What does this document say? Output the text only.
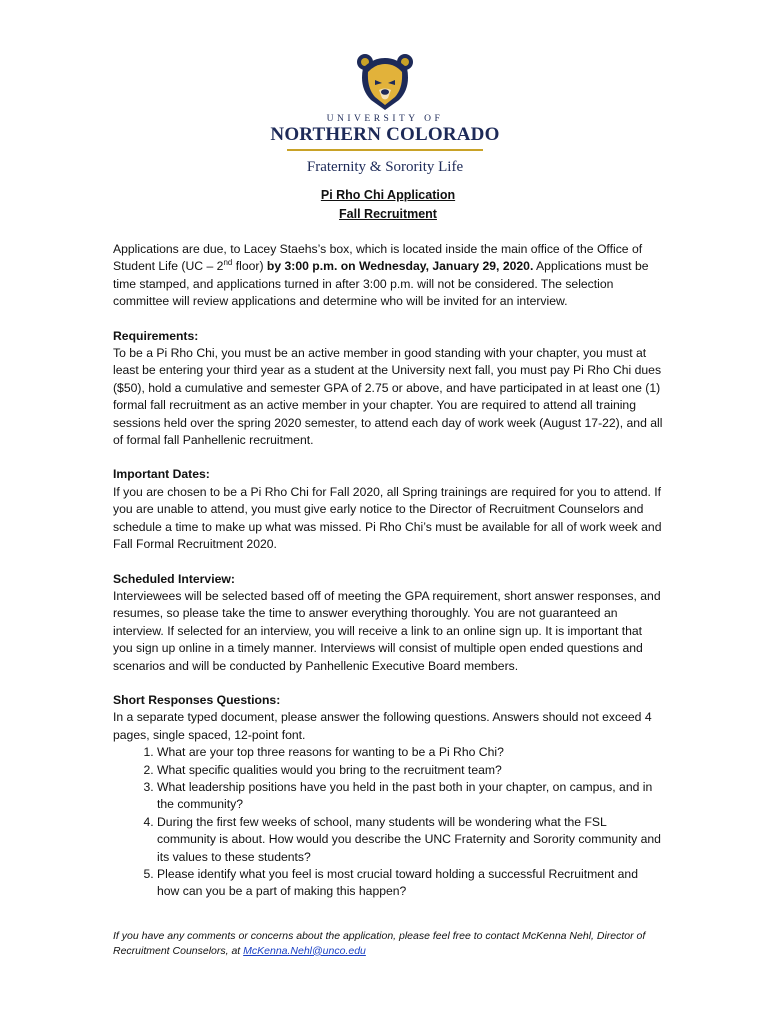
UNIVERSITY OF
NORTHERN COLORADO
Fraternity & Sorority Life
Pi Rho Chi Application
Fall Recruitment

Applications are due, to Lacey Staehs’s box, which is located inside the main office of the Office of Student Life (UC – 2nd floor) by 3:00 p.m. on Wednesday, January 29, 2020. Applications must be time stamped, and applications turned in after 3:00 p.m. will not be considered. The selection committee will review applications and determine who will be invited for an interview.

Requirements:

To be a Pi Rho Chi, you must be an active member in good standing with your chapter, you must at least be entering your third year as a student at the University next fall, you must pay Pi Rho Chi dues ($50), hold a cumulative and semester GPA of 2.75 or above, and have participated in at least one (1) formal fall recruitment as an active member in your chapter. You are required to attend all training sessions held over the spring 2020 semester, to attend each day of work week (August 17-22), and all of formal fall Panhellenic recruitment.

Important Dates:

If you are chosen to be a Pi Rho Chi for Fall 2020, all Spring trainings are required for you to attend. If you are unable to attend, you must give early notice to the Director of Recruitment Counselors and schedule a time to make up what was missed. Pi Rho Chi’s must be available for all of work week and Fall Formal Recruitment 2020.

Scheduled Interview:

Interviewees will be selected based off of meeting the GPA requirement, short answer responses, and resumes, so please take the time to answer everything thoroughly. You are not guaranteed an interview. If selected for an interview, you will receive a link to an online sign up. It is important that you sign up online in a timely manner. Interviews will consist of multiple open ended questions and scenarios and will be conducted by Panhellenic Executive Board members.

Short Responses Questions:

In a separate typed document, please answer the following questions. Answers should not exceed 4 pages, single spaced, 12-point font.

1. What are your top three reasons for wanting to be a Pi Rho Chi?
2. What specific qualities would you bring to the recruitment team?
3. What leadership positions have you held in the past both in your chapter, on campus, and in the community?
4. During the first few weeks of school, many students will be wondering what the FSL community is about. How would you describe the UNC Fraternity and Sorority community and its values to these students?
5. Please identify what you feel is most crucial toward holding a successful Recruitment and how can you be a part of making this happen?
If you have any comments or concerns about the application, please feel free to contact McKenna Nehl, Director of Recruitment Counselors, at McKenna.Nehl@unco.edu
